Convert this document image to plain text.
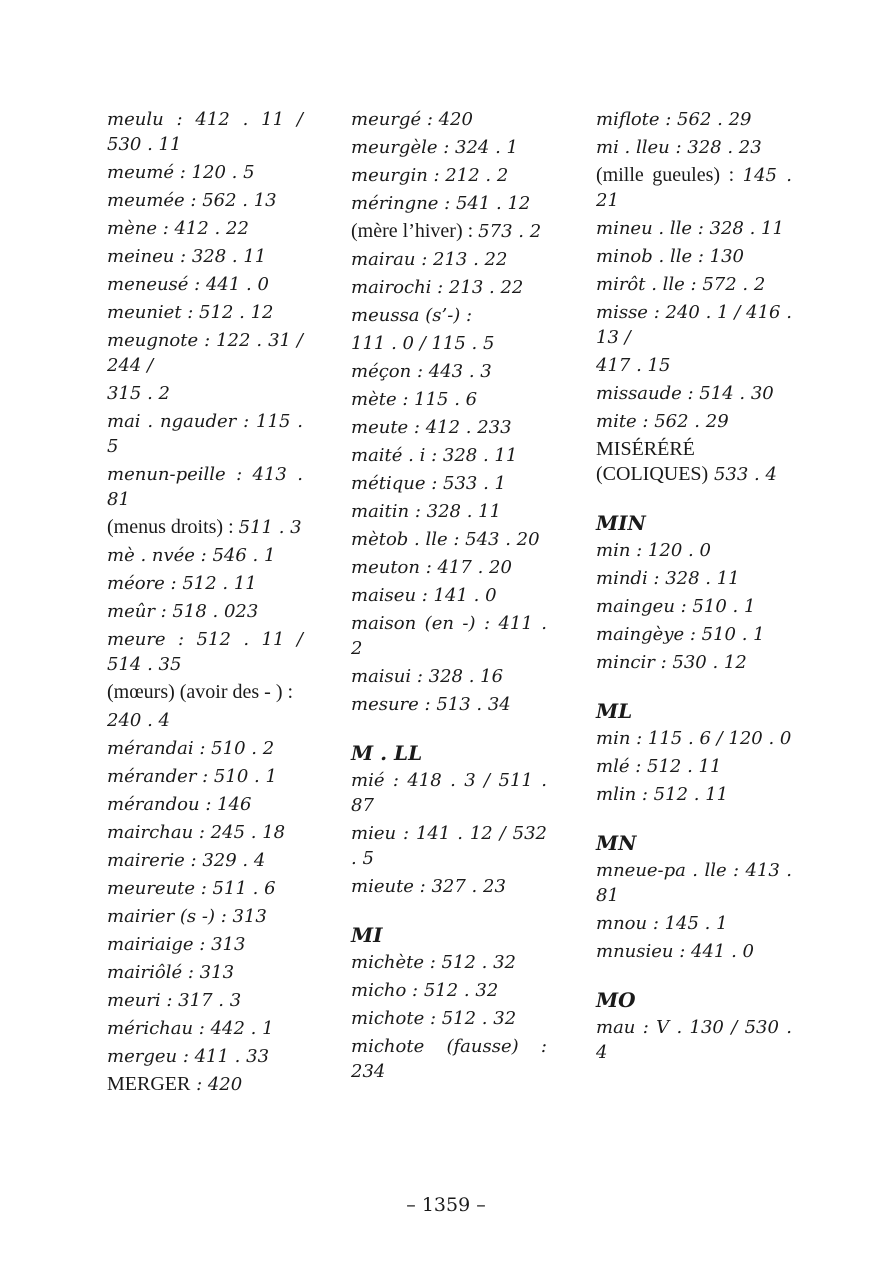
meulu : 412 . 11 / 530 . 11
meumé : 120 . 5
meumée : 562 . 13
mène : 412 . 22
meineu : 328 . 11
meneusé : 441 . 0
meuniet : 512 . 12
meugnote : 122 . 31 / 244 /
315 . 2
mai . ngauder : 115 . 5
menun-peille : 413 . 81
(menus droits) : 511 . 3
mè . nvée : 546 . 1
méore : 512 . 11
meûr : 518 . 023
meure : 512 . 11 / 514 . 35
(mœurs) (avoir des - ) :
240 . 4
mérandai : 510 . 2
mérander : 510 . 1
mérandou : 146
mairchau : 245 . 18
mairerie : 329 . 4
meureute : 511 . 6
mairier (s -) : 313
mairiaige : 313
mairiôlé : 313
meuri : 317 . 3
mérichau : 442 . 1
mergeu : 411 . 33
MERGER : 420
meurgé : 420
meurgèle : 324 . 1
meurgin : 212 . 2
méringne : 541 . 12
(mère l’hiver) : 573 . 2
mairau : 213 . 22
mairochi : 213 . 22
meussa (s’-) :
111 . 0 / 115 . 5
méçon : 443 . 3
mète : 115 . 6
meute : 412 . 233
maité . i : 328 . 11
métique : 533 . 1
maitin : 328 . 11
mètob . lle : 543 . 20
meuton : 417 . 20
maiseu : 141 . 0
maison (en -) : 411 . 2
maisui : 328 . 16
mesure : 513 . 34
M . LL
mié : 418 . 3 / 511 . 87
mieu : 141 . 12 / 532 . 5
mieute : 327 . 23
MI
michète : 512 . 32
micho : 512 . 32
michote : 512 . 32
michote (fausse) : 234
miflote : 562 . 29
mi . lleu : 328 . 23
(mille gueules) : 145 . 21
mineu . lle : 328 . 11
minob . lle : 130
mirôt . lle : 572 . 2
misse : 240 . 1 / 416 . 13 /
417 . 15
missaude : 514 . 30
mite : 562 . 29
MISÉRÉRÉ (COLIQUES) 533 . 4
MIN
min : 120 . 0
mindi : 328 . 11
maingeu : 510 . 1
maingèye : 510 . 1
mincir : 530 . 12
ML
min : 115 . 6 / 120 . 0
mlé : 512 . 11
mlin : 512 . 11
MN
mneue-pa . lle : 413 . 81
mnou : 145 . 1
mnusieu : 441 . 0
MO
mau : V . 130 / 530 . 4
– 1359 –
